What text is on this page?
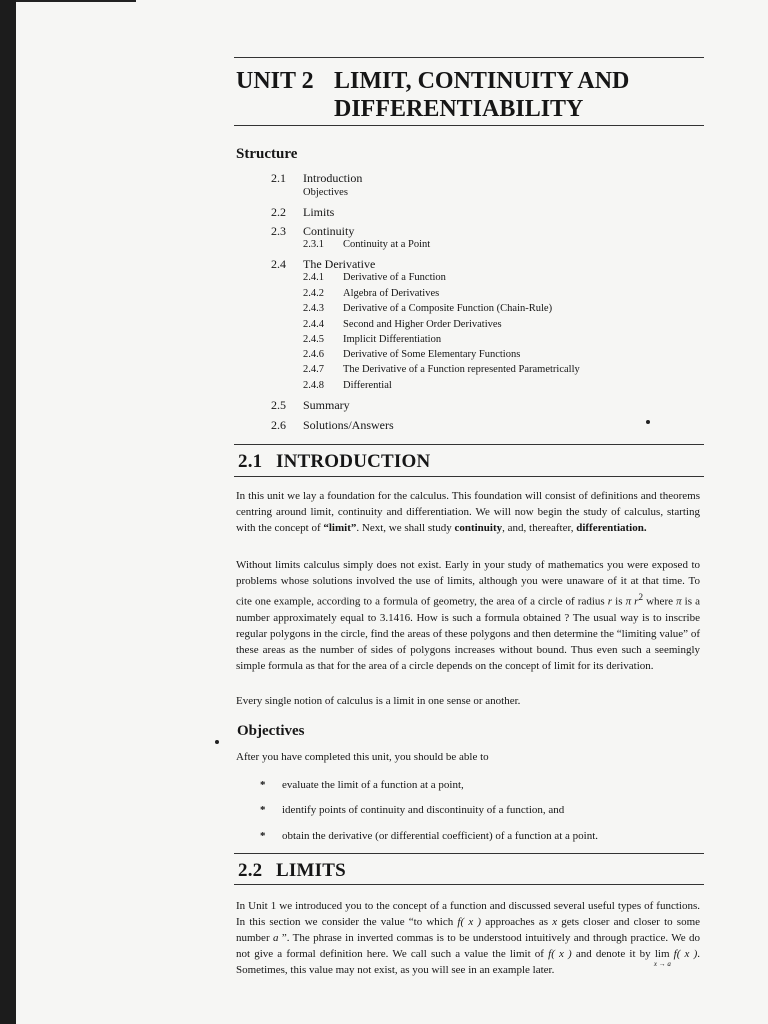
UNIT 2 LIMIT, CONTINUITY AND
DIFFERENTIABILITY
Structure
2.1 Introduction
Objectives
2.2 Limits
2.3 Continuity
2.3.1 Continuity at a Point
2.4 The Derivative
2.4.1 Derivative of a Function
2.4.2 Algebra of Derivatives
2.4.3 Derivative of a Composite Function (Chain-Rule)
2.4.4 Second and Higher Order Derivatives
2.4.5 Implicit Differentiation
2.4.6 Derivative of Some Elementary Functions
2.4.7 The Derivative of a Function represented Parametrically
2.4.8 Differential
2.5 Summary
2.6 Solutions/Answers
2.1 INTRODUCTION
In this unit we lay a foundation for the calculus. This foundation will consist of definitions and theorems centring around limit, continuity and differentiation. We will now begin the study of calculus, starting with the concept of “limit”. Next, we shall study continuity, and, thereafter, differentiation.
Without limits calculus simply does not exist. Early in your study of mathematics you were exposed to problems whose solutions involved the use of limits, although you were unaware of it at that time. To cite one example, according to a formula of geometry, the area of a circle of radius r is π $r^2$ where π is a number approximately equal to 3.1416. How is such a formula obtained ? The usual way is to inscribe regular polygons in the circle, find the areas of these polygons and then determine the “limiting value” of these areas as the number of sides of polygons increases without bound. Thus even such a seemingly simple formula as that for the area of a circle depends on the concept of limit for its derivation.
Every single notion of calculus is a limit in one sense or another.
Objectives
After you have completed this unit, you should be able to
* evaluate the limit of a function at a point,
* identify points of continuity and discontinuity of a function, and
* obtain the derivative (or differential coefficient) of a function at a point.
2.2 LIMITS
In Unit 1 we introduced you to the concept of a function and discussed several useful types of functions. In this section we consider the value “to which f( x ) approaches as x gets closer and closer to some number a ”. The phrase in inverted commas is to be understood intuitively and through practice. We do not give a formal definition here. We call such a value the limit of f( x ) and denote it by lim
x → a
f( x ). Sometimes, this value may not exist, as you will see in an example later.
